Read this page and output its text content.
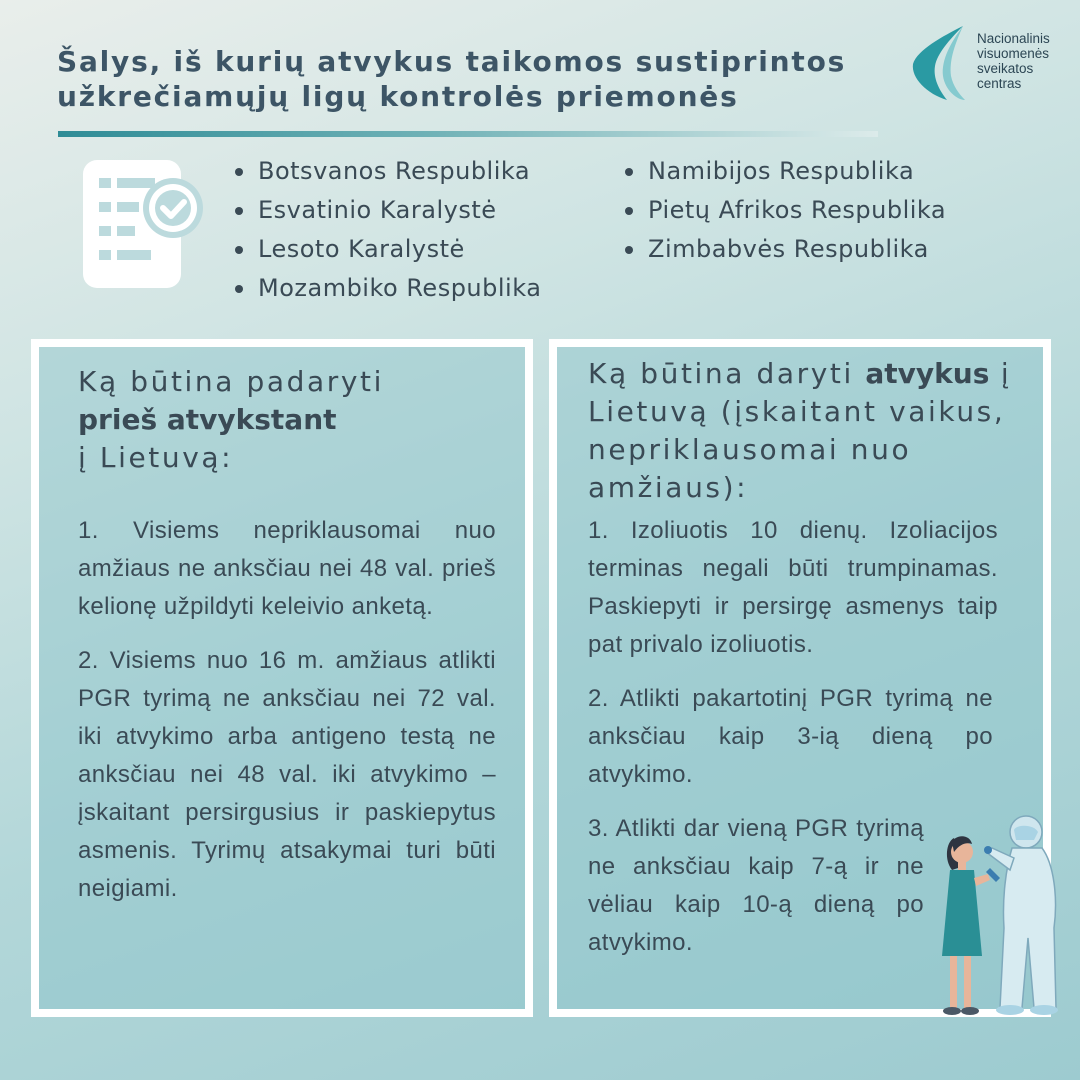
Šalys, iš kurių atvykus taikomos sustiprintos
užkrečiamųjų ligų kontrolės priemonės
Nacionalinis
visuomenės
sveikatos
centras
Botsvanos Respublika
Esvatinio Karalystė
Lesoto Karalystė
Mozambiko Respublika
Namibijos Respublika
Pietų Afrikos Respublika
Zimbabvės Respublika
Ką būtina padaryti
prieš atvykstant
į Lietuvą:

1. Visiems nepriklausomai nuo amžiaus ne anksčiau nei 48 val. prieš kelionę užpildyti keleivio anketą.

2. Visiems nuo 16 m. amžiaus atlikti PGR tyrimą ne anksčiau nei 72 val. iki atvykimo arba antigeno testą ne anksčiau nei 48 val. iki atvykimo – įskaitant persirgusius ir paskiepytus asmenis. Tyrimų atsakymai turi būti neigiami.

Ką būtina daryti atvykus į Lietuvą (įskaitant vaikus, nepriklausomai nuo amžiaus):

1. Izoliuotis 10 dienų. Izoliacijos terminas negali būti trumpinamas. Paskiepyti ir persirgę asmenys taip pat privalo izoliuotis.

2. Atlikti pakartotinį PGR tyrimą ne anksčiau kaip 3-ią dieną po atvykimo.

3. Atlikti dar vieną PGR tyrimą ne anksčiau kaip 7-ą ir ne vėliau kaip 10-ą dieną po atvykimo.
